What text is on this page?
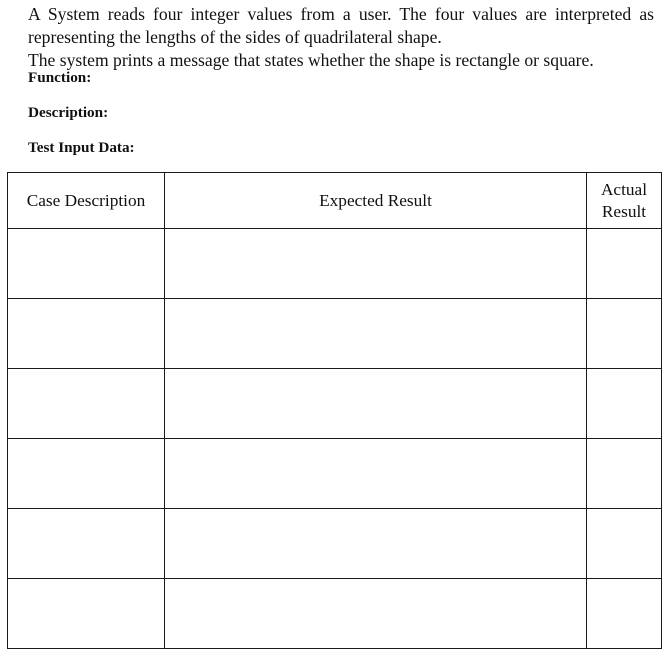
A System reads four integer values from a user. The four values are interpreted as representing the lengths of the sides of quadrilateral shape.

The system prints a message that states whether the shape is rectangle or square.

Function:
Description:
Test Input Data:
Case Description	Expected Result	Actual
Result
